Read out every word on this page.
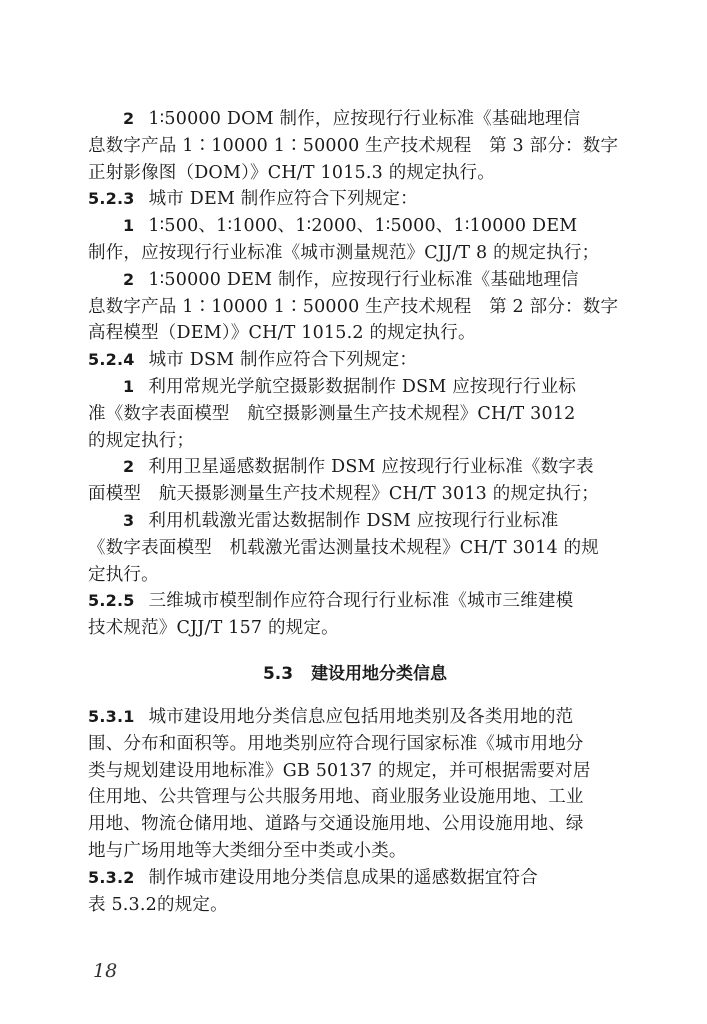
2 1∶50000 DOM 制作，应按现行行业标准《基础地理信
息数字产品 1∶10000 1∶50000 生产技术规程　第 3 部分：数字
正射影像图（DOM）》CH/T 1015.3 的规定执行。
5.2.3 城市 DEM 制作应符合下列规定：
1 1∶500、1∶1000、1∶2000、1∶5000、1∶10000 DEM
制作，应按现行行业标准《城市测量规范》CJJ/T 8 的规定执行；
2 1∶50000 DEM 制作，应按现行行业标准《基础地理信
息数字产品 1∶10000 1∶50000 生产技术规程　第 2 部分：数字
高程模型（DEM）》CH/T 1015.2 的规定执行。
5.2.4 城市 DSM 制作应符合下列规定：
1 利用常规光学航空摄影数据制作 DSM 应按现行行业标
准《数字表面模型　航空摄影测量生产技术规程》CH/T 3012
的规定执行；
2 利用卫星遥感数据制作 DSM 应按现行行业标准《数字表
面模型　航天摄影测量生产技术规程》CH/T 3013 的规定执行；
3 利用机载激光雷达数据制作 DSM 应按现行行业标准
《数字表面模型　机载激光雷达测量技术规程》CH/T 3014 的规
定执行。
5.2.5 三维城市模型制作应符合现行行业标准《城市三维建模
技术规范》CJJ/T 157 的规定。
5.3 建设用地分类信息
5.3.1 城市建设用地分类信息应包括用地类别及各类用地的范
围、分布和面积等。用地类别应符合现行国家标准《城市用地分
类与规划建设用地标准》GB 50137 的规定，并可根据需要对居
住用地、公共管理与公共服务用地、商业服务业设施用地、工业
用地、物流仓储用地、道路与交通设施用地、公用设施用地、绿
地与广场用地等大类细分至中类或小类。
5.3.2 制作城市建设用地分类信息成果的遥感数据宜符合
表 5.3.2的规定。
18
